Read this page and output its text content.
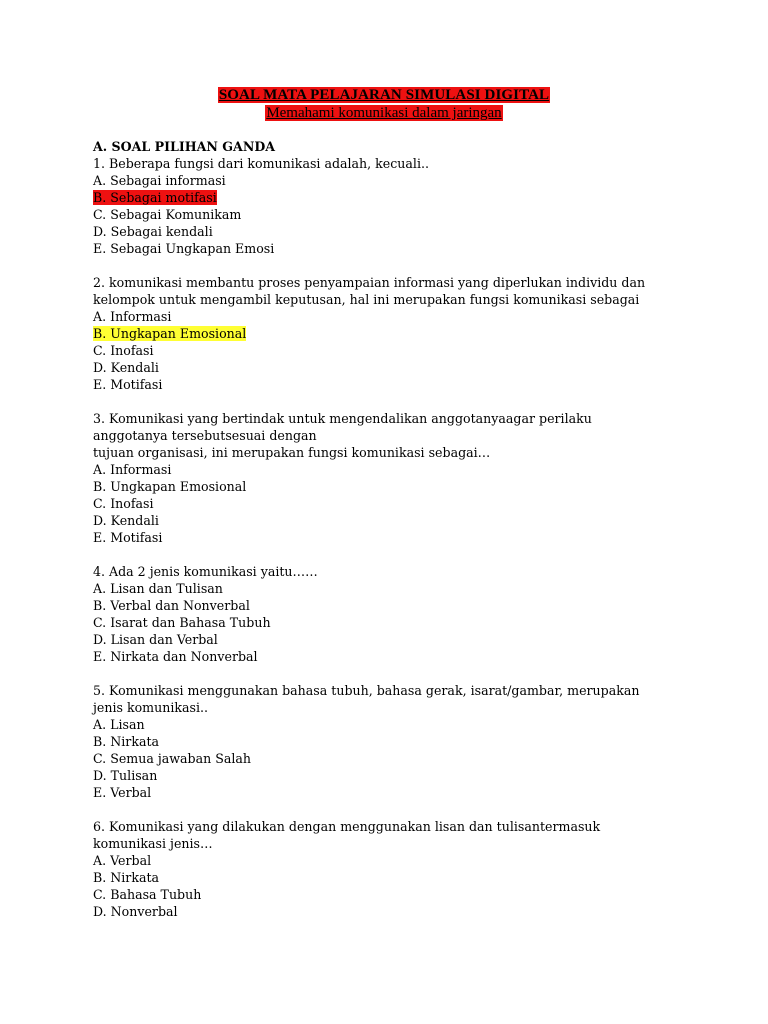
SOAL MATA PELAJARAN SIMULASI DIGITAL
Memahami komunikasi dalam jaringan
A. SOAL PILIHAN GANDA
1. Beberapa fungsi dari komunikasi adalah, kecuali..
A. Sebagai informasi
B. Sebagai motifasi
C. Sebagai Komunikam
D. Sebagai kendali
E. Sebagai Ungkapan Emosi
2. komunikasi membantu proses penyampaian informasi yang diperlukan individu dan
kelompok untuk mengambil keputusan, hal ini merupakan fungsi komunikasi sebagai
A. Informasi
B. Ungkapan Emosional
C. Inofasi
D. Kendali
E. Motifasi
3. Komunikasi yang bertindak untuk mengendalikan anggotanyaagar perilaku
anggotanya tersebutsesuai dengan
tujuan organisasi, ini merupakan fungsi komunikasi sebagai…
A. Informasi
B. Ungkapan Emosional
C. Inofasi
D. Kendali
E. Motifasi
4. Ada 2 jenis komunikasi yaitu……
A. Lisan dan Tulisan
B. Verbal dan Nonverbal
C. Isarat dan Bahasa Tubuh
D. Lisan dan Verbal
E. Nirkata dan Nonverbal
5. Komunikasi menggunakan bahasa tubuh, bahasa gerak, isarat/gambar, merupakan
jenis komunikasi..
A. Lisan
B. Nirkata
C. Semua jawaban Salah
D. Tulisan
E. Verbal
6. Komunikasi yang dilakukan dengan menggunakan lisan dan tulisantermasuk
komunikasi jenis…
A. Verbal
B. Nirkata
C. Bahasa Tubuh
D. Nonverbal
